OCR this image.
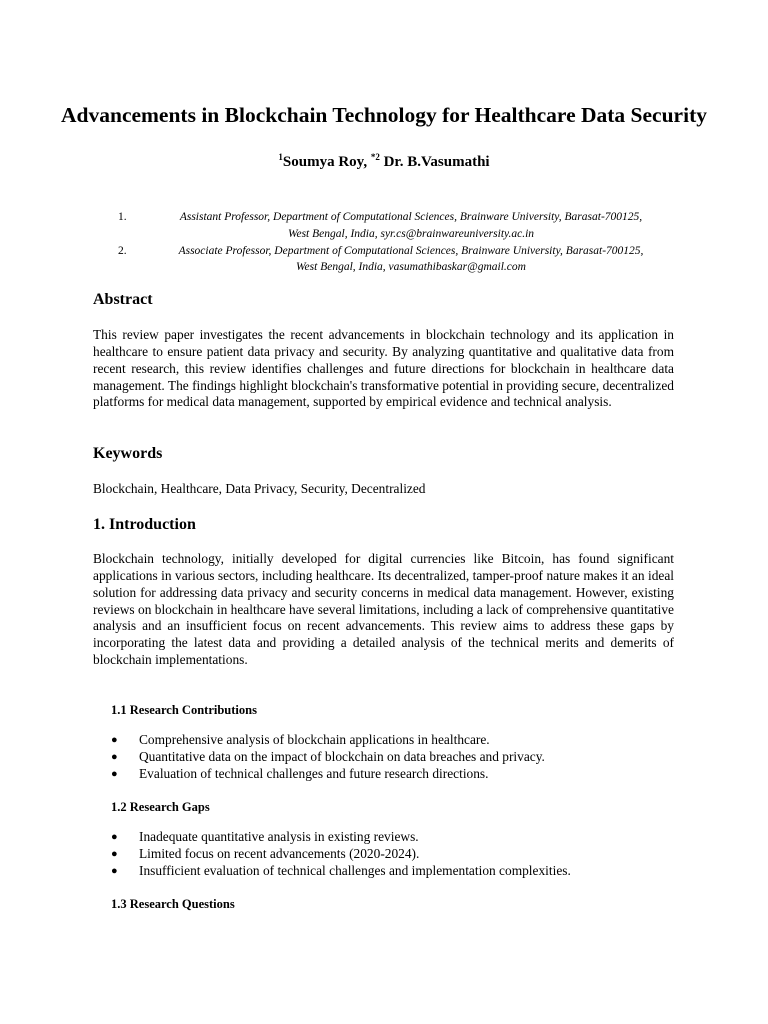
Advancements in Blockchain Technology for Healthcare Data Security
$^1$Soumya Roy, $^{*2}$ Dr. B.Vasumathi
1.	Assistant Professor, Department of Computational Sciences, Brainware University, Barasat-700125,
West Bengal, India, syr.cs@brainwareuniversity.ac.in
2.	Associate Professor, Department of Computational Sciences, Brainware University, Barasat-700125,
West Bengal, India, vasumathibaskar@gmail.com
Abstract

This review paper investigates the recent advancements in blockchain technology and its application in healthcare to ensure patient data privacy and security. By analyzing quantitative and qualitative data from recent research, this review identifies challenges and future directions for blockchain in healthcare data management. The findings highlight blockchain's transformative potential in providing secure, decentralized platforms for medical data management, supported by empirical evidence and technical analysis.

Keywords

Blockchain, Healthcare, Data Privacy, Security, Decentralized

1. Introduction

Blockchain technology, initially developed for digital currencies like Bitcoin, has found significant applications in various sectors, including healthcare. Its decentralized, tamper-proof nature makes it an ideal solution for addressing data privacy and security concerns in medical data management. However, existing reviews on blockchain in healthcare have several limitations, including a lack of comprehensive quantitative analysis and an insufficient focus on recent advancements. This review aims to address these gaps by incorporating the latest data and providing a detailed analysis of the technical merits and demerits of blockchain implementations.

1.1 Research Contributions
● Comprehensive analysis of blockchain applications in healthcare.
● Quantitative data on the impact of blockchain on data breaches and privacy.
● Evaluation of technical challenges and future research directions.
1.2 Research Gaps
● Inadequate quantitative analysis in existing reviews.
● Limited focus on recent advancements (2020-2024).
● Insufficient evaluation of technical challenges and implementation complexities.
1.3 Research Questions
